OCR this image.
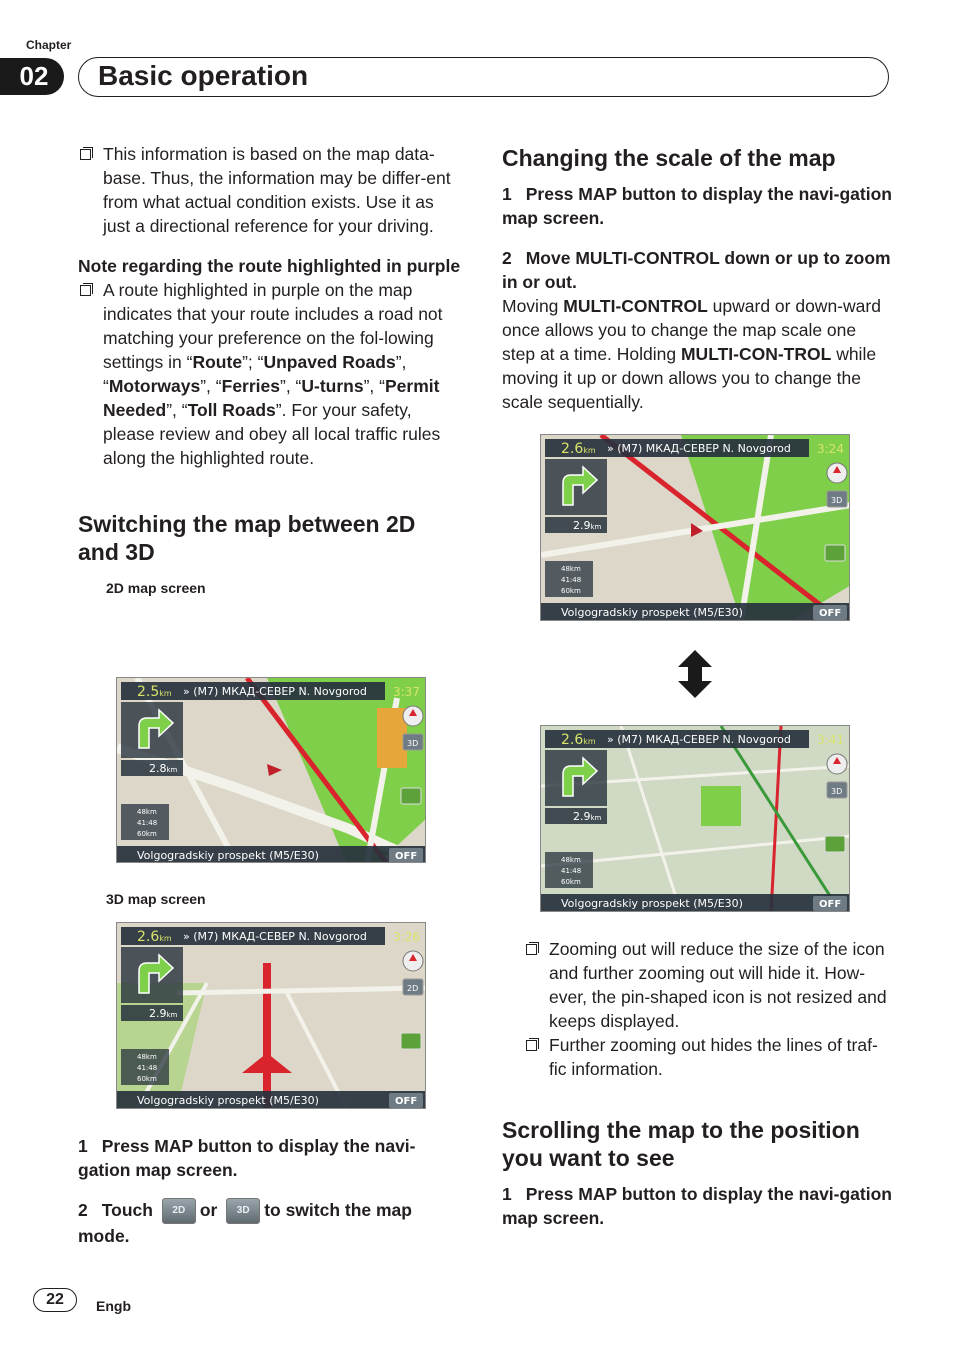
Chapter
02	Basic operation
This information is based on the map data-base. Thus, the information may be differ-ent from what actual condition exists. Use it as just a directional reference for your driving.
Note regarding the route highlighted in purple
A route highlighted in purple on the map indicates that your route includes a road not matching your preference on the fol-lowing settings in “Route”; “Unpaved Roads”, “Motorways”, “Ferries”, “U-turns”, “Permit Needed”, “Toll Roads”. For your safety, please review and obey all local traffic rules along the highlighted route.
Switching the map between 2D and 3D
2D map screen
3D map screen
1 Press MAP button to display the navi-gation map screen.
2 Touch 2D or 3D to switch the map mode.
Changing the scale of the map
1 Press MAP button to display the navi-gation map screen.
2 Move MULTI-CONTROL down or up to zoom in or out.
Moving MULTI-CONTROL upward or down-ward once allows you to change the map scale one step at a time. Holding MULTI-CON-TROL while moving it up or down allows you to change the scale sequentially.
Zooming out will reduce the size of the icon and further zooming out will hide it. How-ever, the pin-shaped icon is not resized and keeps displayed.
Further zooming out hides the lines of traf-fic information.
Scrolling the map to the position you want to see
1 Press MAP button to display the navi-gation map screen.
2.5km » (M7) МКАД-СЕВЕР N. Novgorod 3:37
2.8km
48km
41:48
60km
3D
Volgogradskiy prospekt (M5/E30)	OFF
2.6km » (M7) МКАД-СЕВЕР N. Novgorod 3:26
2.9km
48km
41:48
60km
2D
Volgogradskiy prospekt (M5/E30)	OFF
2.6km » (M7) МКАД-СЕВЕР N. Novgorod 3:24
2.9km
48km
41:48
60km
3D
Volgogradskiy prospekt (M5/E30)	OFF
2.6km » (M7) МКАД-СЕВЕР N. Novgorod 3:41
2.9km
48km
41:48
60km
3D
Volgogradskiy prospekt (M5/E30)	OFF
22	Engb
